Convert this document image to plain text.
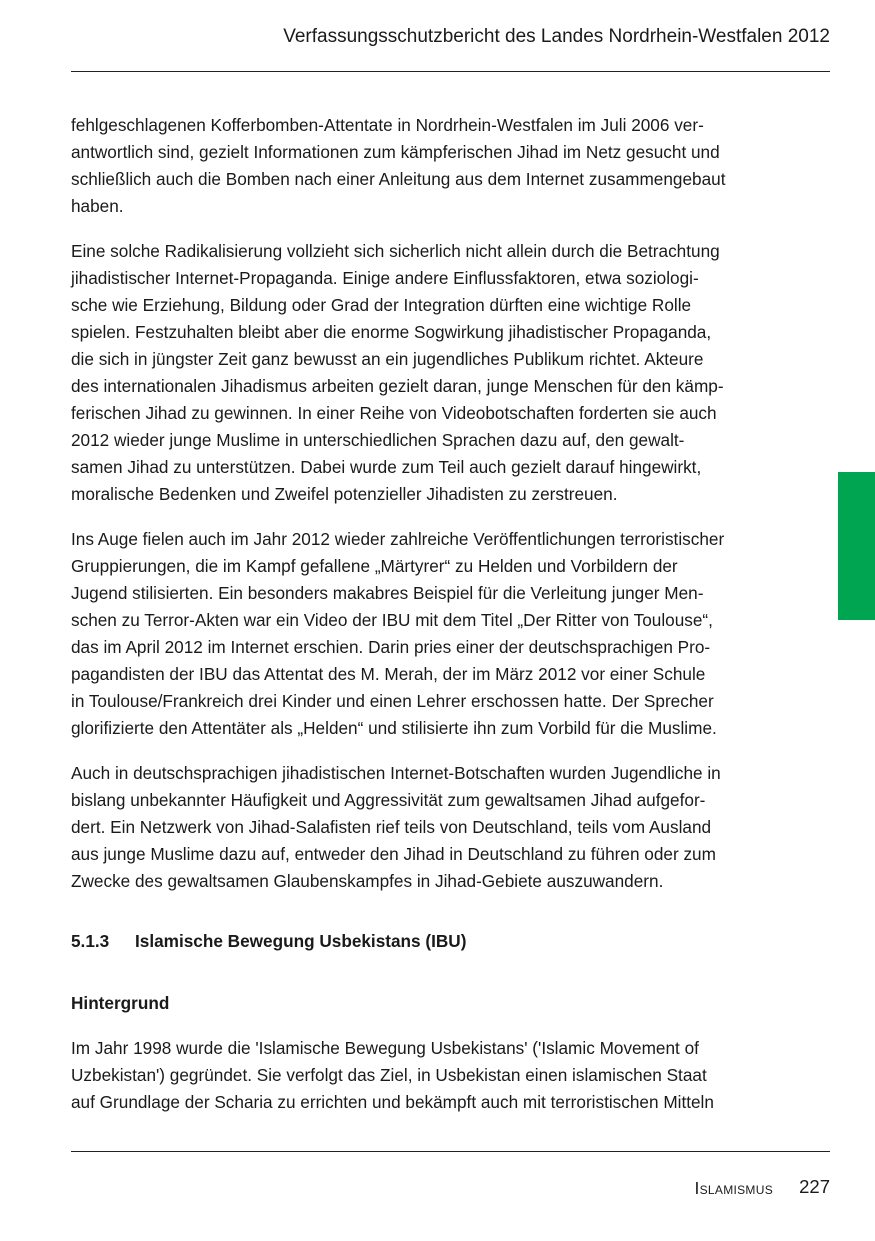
Verfassungsschutzbericht des Landes Nordrhein-Westfalen 2012
fehlgeschlagenen Kofferbomben-Attentate in Nordrhein-Westfalen im Juli 2006 ver-
antwortlich sind, gezielt Informationen zum kämpferischen Jihad im Netz gesucht und
schließlich auch die Bomben nach einer Anleitung aus dem Internet zusammengebaut
haben.
Eine solche Radikalisierung vollzieht sich sicherlich nicht allein durch die Betrachtung
jihadistischer Internet-Propaganda. Einige andere Einflussfaktoren, etwa soziologi-
sche wie Erziehung, Bildung oder Grad der Integration dürften eine wichtige Rolle
spielen. Festzuhalten bleibt aber die enorme Sogwirkung jihadistischer Propaganda,
die sich in jüngster Zeit ganz bewusst an ein jugendliches Publikum richtet. Akteure
des internationalen Jihadismus arbeiten gezielt daran, junge Menschen für den kämp-
ferischen Jihad zu gewinnen. In einer Reihe von Videobotschaften forderten sie auch
2012 wieder junge Muslime in unterschiedlichen Sprachen dazu auf, den gewalt-
samen Jihad zu unterstützen. Dabei wurde zum Teil auch gezielt darauf hingewirkt,
moralische Bedenken und Zweifel potenzieller Jihadisten zu zerstreuen.
Ins Auge fielen auch im Jahr 2012 wieder zahlreiche Veröffentlichungen terroristischer
Gruppierungen, die im Kampf gefallene „Märtyrer“ zu Helden und Vorbildern der
Jugend stilisierten. Ein besonders makabres Beispiel für die Verleitung junger Men-
schen zu Terror-Akten war ein Video der IBU mit dem Titel „Der Ritter von Toulouse“,
das im April 2012 im Internet erschien. Darin pries einer der deutschsprachigen Pro-
pagandisten der IBU das Attentat des M. Merah, der im März 2012 vor einer Schule
in Toulouse/Frankreich drei Kinder und einen Lehrer erschossen hatte. Der Sprecher
glorifizierte den Attentäter als „Helden“ und stilisierte ihn zum Vorbild für die Muslime.
Auch in deutschsprachigen jihadistischen Internet-Botschaften wurden Jugendliche in
bislang unbekannter Häufigkeit und Aggressivität zum gewaltsamen Jihad aufgefor-
dert. Ein Netzwerk von Jihad-Salafisten rief teils von Deutschland, teils vom Ausland
aus junge Muslime dazu auf, entweder den Jihad in Deutschland zu führen oder zum
Zwecke des gewaltsamen Glaubenskampfes in Jihad-Gebiete auszuwandern.
5.1.3 Islamische Bewegung Usbekistans (IBU)
Hintergrund
Im Jahr 1998 wurde die 'Islamische Bewegung Usbekistans' ('Islamic Movement of
Uzbekistan') gegründet. Sie verfolgt das Ziel, in Usbekistan einen islamischen Staat
auf Grundlage der Scharia zu errichten und bekämpft auch mit terroristischen Mitteln
Islamismus 227
